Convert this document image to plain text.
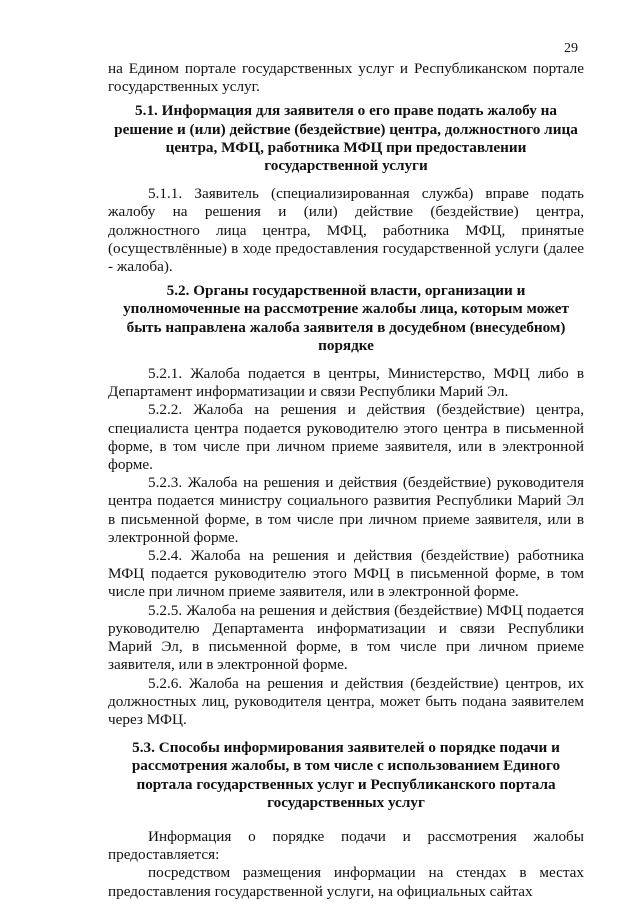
29

на Едином портале государственных услуг и Республиканском портале государственных услуг.

5.1. Информация для заявителя о его праве подать жалобу на решение и (или) действие (бездействие) центра, должностного лица центра, МФЦ, работника МФЦ при предоставлении государственной услуги

5.1.1. Заявитель (специализированная служба) вправе подать жалобу на решения и (или) действие (бездействие) центра, должностного лица центра, МФЦ, работника МФЦ, принятые (осуществлённые) в ходе предоставления государственной услуги (далее - жалоба).

5.2. Органы государственной власти, организации и уполномоченные на рассмотрение жалобы лица, которым может быть направлена жалоба заявителя в досудебном (внесудебном) порядке

5.2.1. Жалоба подается в центры, Министерство, МФЦ либо в Департамент информатизации и связи Республики Марий Эл.

5.2.2. Жалоба на решения и действия (бездействие) центра, специалиста центра подается руководителю этого центра в письменной форме, в том числе при личном приеме заявителя, или в электронной форме.

5.2.3. Жалоба на решения и действия (бездействие) руководителя центра подается министру социального развития Республики Марий Эл в письменной форме, в том числе при личном приеме заявителя, или в электронной форме.

5.2.4. Жалоба на решения и действия (бездействие) работника МФЦ подается руководителю этого МФЦ в письменной форме, в том числе при личном приеме заявителя, или в электронной форме.

5.2.5. Жалоба на решения и действия (бездействие) МФЦ подается руководителю Департамента информатизации и связи Республики Марий Эл, в письменной форме, в том числе при личном приеме заявителя, или в электронной форме.

5.2.6. Жалоба на решения и действия (бездействие) центров, их должностных лиц, руководителя центра, может быть подана заявителем через МФЦ.

5.3. Способы информирования заявителей о порядке подачи и рассмотрения жалобы, в том числе с использованием Единого портала государственных услуг и Республиканского портала государственных услуг

Информация о порядке подачи и рассмотрения жалобы предоставляется:

посредством размещения информации на стендах в местах предоставления государственной услуги, на официальных сайтах
